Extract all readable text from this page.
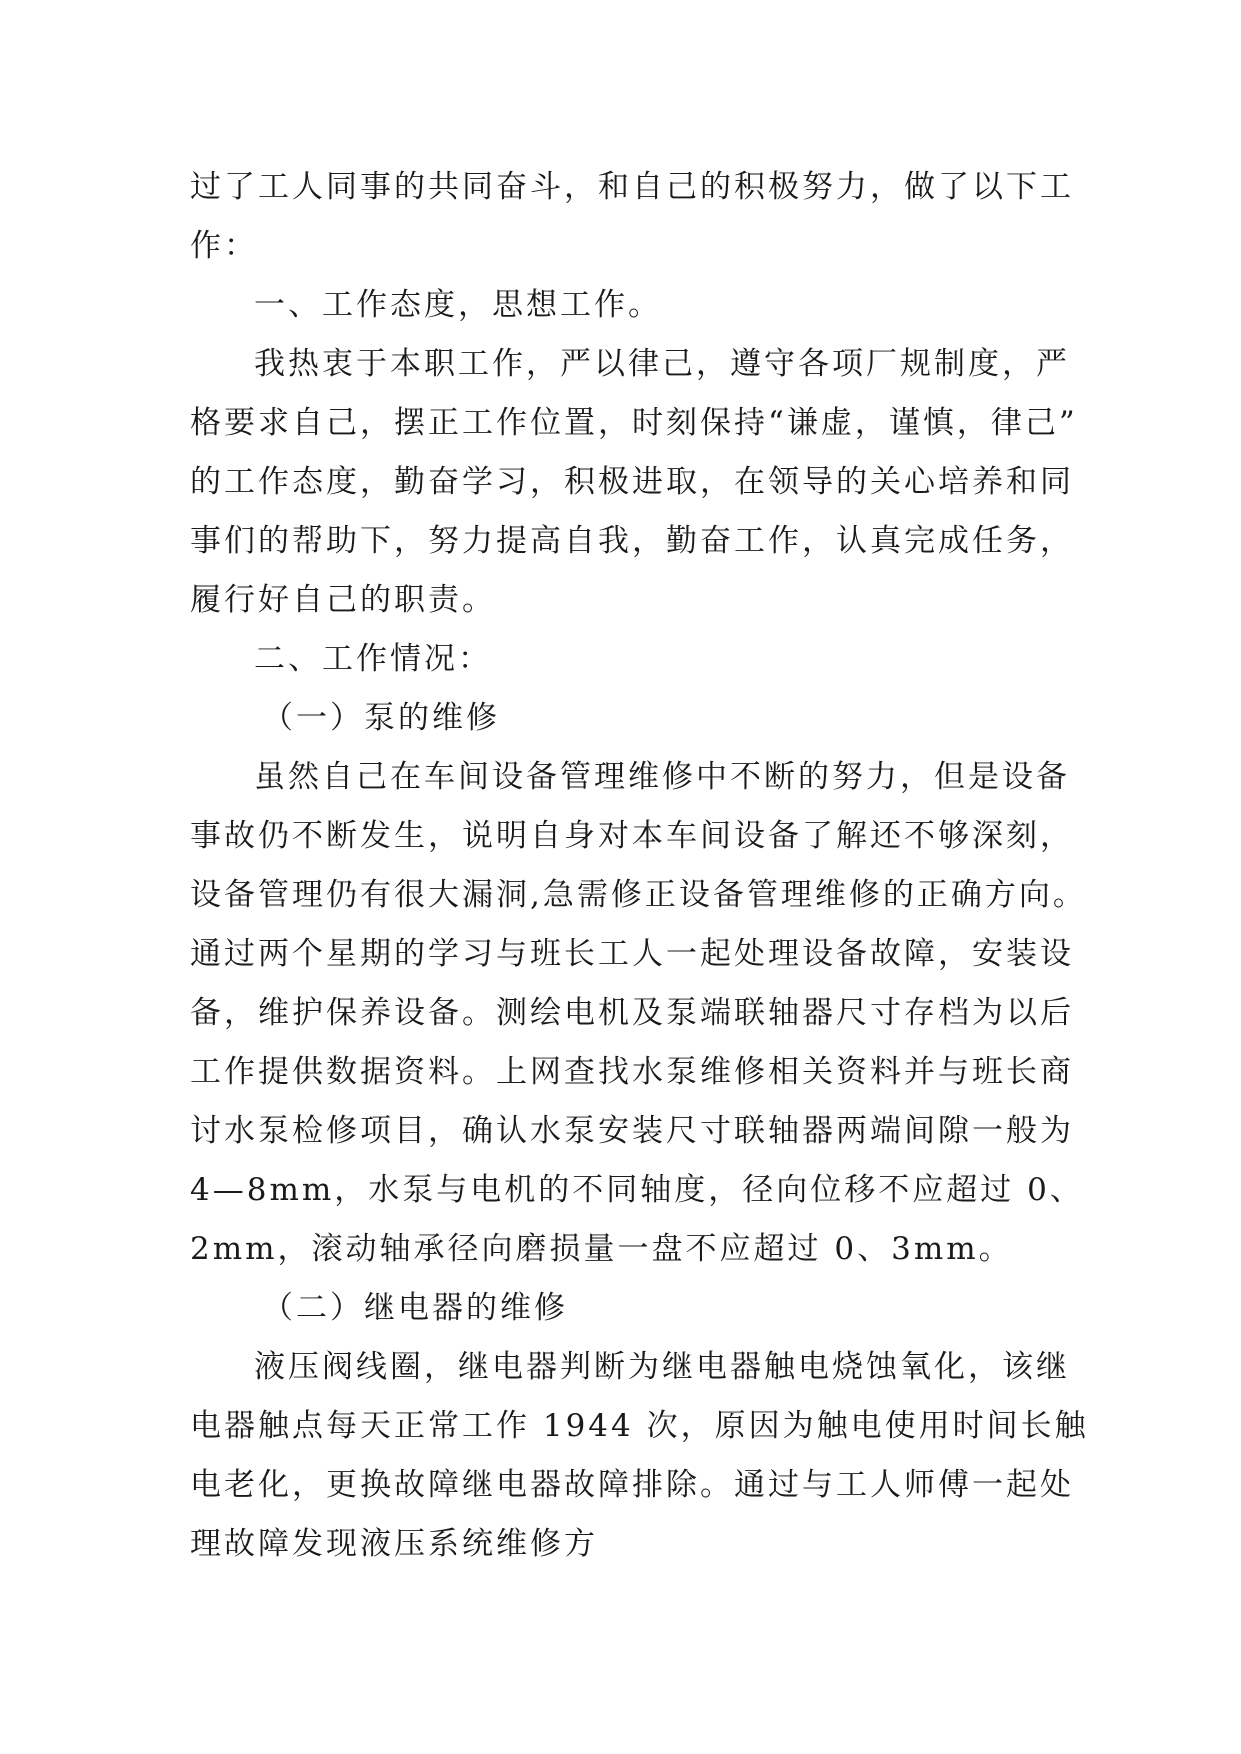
过了工人同事的共同奋斗，和自己的积极努力，做了以下工
作：
一、工作态度，思想工作。
我热衷于本职工作，严以律己，遵守各项厂规制度，严
格要求自己，摆正工作位置，时刻保持“谦虚，谨慎，律己”
的工作态度，勤奋学习，积极进取，在领导的关心培养和同
事们的帮助下，努力提高自我，勤奋工作，认真完成任务，
履行好自己的职责。
二、工作情况：
（一）泵的维修
虽然自己在车间设备管理维修中不断的努力，但是设备
事故仍不断发生，说明自身对本车间设备了解还不够深刻，
设备管理仍有很大漏洞,急需修正设备管理维修的正确方向。
通过两个星期的学习与班长工人一起处理设备故障，安装设
备，维护保养设备。测绘电机及泵端联轴器尺寸存档为以后
工作提供数据资料。上网查找水泵维修相关资料并与班长商
讨水泵检修项目，确认水泵安装尺寸联轴器两端间隙一般为
4—8mm，水泵与电机的不同轴度，径向位移不应超过 0、
2mm，滚动轴承径向磨损量一盘不应超过 0、3mm。
（二）继电器的维修
液压阀线圈，继电器判断为继电器触电烧蚀氧化，该继
电器触点每天正常工作 1944 次，原因为触电使用时间长触
电老化，更换故障继电器故障排除。通过与工人师傅一起处
理故障发现液压系统维修方
